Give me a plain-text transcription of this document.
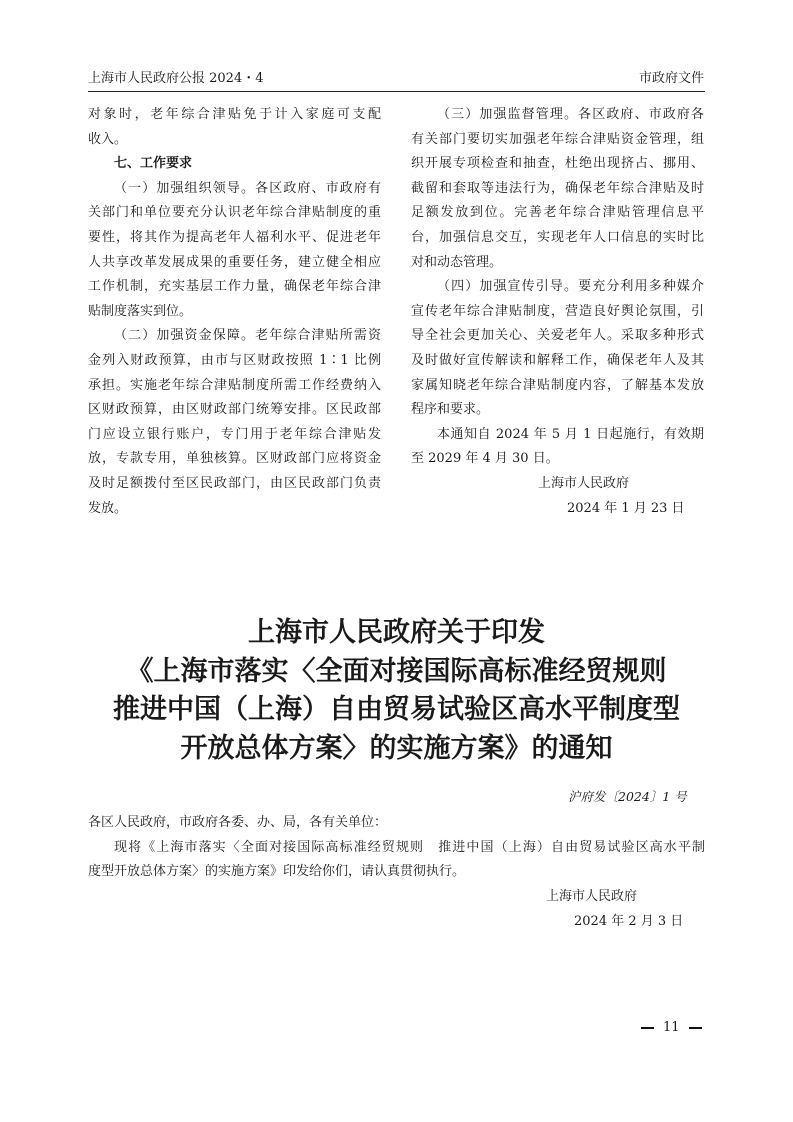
上海市人民政府公报 2024・4	市政府文件
对象时，老年综合津贴免于计入家庭可支配
收入。
七、工作要求
（一）加强组织领导。各区政府、市政府有
关部门和单位要充分认识老年综合津贴制度的重
要性，将其作为提高老年人福利水平、促进老年
人共享改革发展成果的重要任务，建立健全相应
工作机制，充实基层工作力量，确保老年综合津
贴制度落实到位。
（二）加强资金保障。老年综合津贴所需资
金列入财政预算，由市与区财政按照 1∶1 比例
承担。实施老年综合津贴制度所需工作经费纳入
区财政预算，由区财政部门统筹安排。区民政部
门应设立银行账户，专门用于老年综合津贴发
放，专款专用，单独核算。区财政部门应将资金
及时足额拨付至区民政部门，由区民政部门负责
发放。
（三）加强监督管理。各区政府、市政府各
有关部门要切实加强老年综合津贴资金管理，组
织开展专项检查和抽查，杜绝出现挤占、挪用、
截留和套取等违法行为，确保老年综合津贴及时
足额发放到位。完善老年综合津贴管理信息平
台，加强信息交互，实现老年人口信息的实时比
对和动态管理。
（四）加强宣传引导。要充分利用多种媒介
宣传老年综合津贴制度，营造良好舆论氛围，引
导全社会更加关心、关爱老年人。采取多种形式
及时做好宣传解读和解释工作，确保老年人及其
家属知晓老年综合津贴制度内容，了解基本发放
程序和要求。
本通知自 2024 年 5 月 1 日起施行，有效期
至 2029 年 4 月 30 日。
上海市人民政府
2024 年 1 月 23 日
上海市人民政府关于印发
《上海市落实〈全面对接国际高标准经贸规则
推进中国（上海）自由贸易试验区高水平制度型
开放总体方案〉的实施方案》的通知
沪府发〔2024〕1 号
各区人民政府，市政府各委、办、局，各有关单位：
现将《上海市落实〈全面对接国际高标准经贸规则　推进中国（上海）自由贸易试验区高水平制
度型开放总体方案〉的实施方案》印发给你们，请认真贯彻执行。
上海市人民政府
2024 年 2 月 3 日
11
